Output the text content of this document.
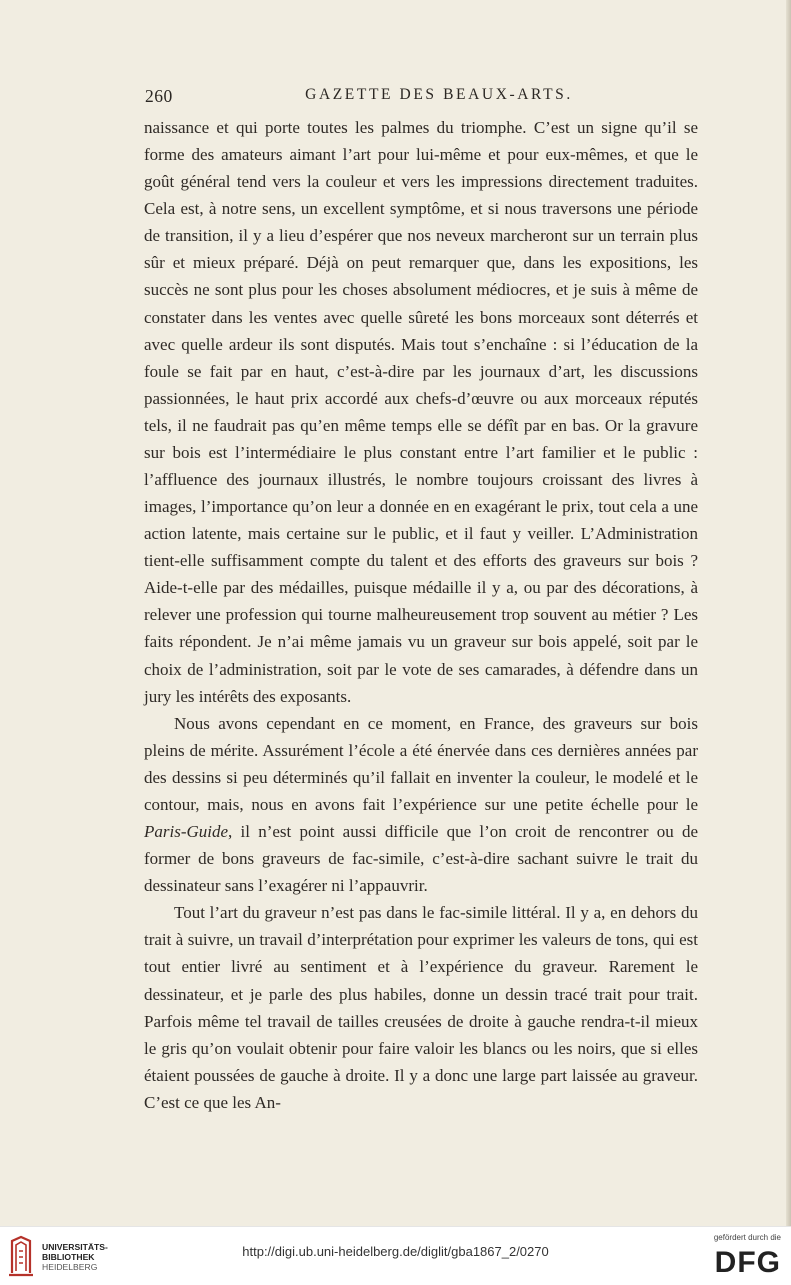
260	GAZETTE DES BEAUX-ARTS.

naissance et qui porte toutes les palmes du triomphe. C’est un signe qu’il se forme des amateurs aimant l’art pour lui-même et pour eux-mêmes, et que le goût général tend vers la couleur et vers les impressions directement traduites. Cela est, à notre sens, un excellent symptôme, et si nous traversons une période de transition, il y a lieu d’espérer que nos neveux marcheront sur un terrain plus sûr et mieux préparé. Déjà on peut remarquer que, dans les expositions, les succès ne sont plus pour les choses absolument médiocres, et je suis à même de constater dans les ventes avec quelle sûreté les bons morceaux sont déterrés et avec quelle ardeur ils sont disputés. Mais tout s’enchaîne : si l’éducation de la foule se fait par en haut, c’est-à-dire par les journaux d’art, les discussions passionnées, le haut prix accordé aux chefs-d’œuvre ou aux morceaux réputés tels, il ne faudrait pas qu’en même temps elle se défît par en bas. Or la gravure sur bois est l’intermédiaire le plus constant entre l’art familier et le public : l’affluence des journaux illustrés, le nombre toujours croissant des livres à images, l’importance qu’on leur a donnée en en exagérant le prix, tout cela a une action latente, mais certaine sur le public, et il faut y veiller. L’Administration tient-elle suffisamment compte du talent et des efforts des graveurs sur bois ? Aide-t-elle par des médailles, puisque médaille il y a, ou par des décorations, à relever une profession qui tourne malheureusement trop souvent au métier ? Les faits répondent. Je n’ai même jamais vu un graveur sur bois appelé, soit par le choix de l’administration, soit par le vote de ses camarades, à défendre dans un jury les intérêts des exposants.

Nous avons cependant en ce moment, en France, des graveurs sur bois pleins de mérite. Assurément l’école a été énervée dans ces dernières années par des dessins si peu déterminés qu’il fallait en inventer la couleur, le modelé et le contour, mais, nous en avons fait l’expérience sur une petite échelle pour le Paris-Guide, il n’est point aussi difficile que l’on croit de rencontrer ou de former de bons graveurs de fac-simile, c’est-à-dire sachant suivre le trait du dessinateur sans l’exagérer ni l’appauvrir.

Tout l’art du graveur n’est pas dans le fac-simile littéral. Il y a, en dehors du trait à suivre, un travail d’interprétation pour exprimer les valeurs de tons, qui est tout entier livré au sentiment et à l’expérience du graveur. Rarement le dessinateur, et je parle des plus habiles, donne un dessin tracé trait pour trait. Parfois même tel travail de tailles creusées de droite à gauche rendra-t-il mieux le gris qu’on voulait obtenir pour faire valoir les blancs ou les noirs, que si elles étaient poussées de gauche à droite. Il y a donc une large part laissée au graveur. C’est ce que les An-

UNIVERSITÄTS-
BIBLIOTHEK
HEIDELBERG
http://digi.ub.uni-heidelberg.de/diglit/gba1867_2/0270
gefördert durch die
DFG
